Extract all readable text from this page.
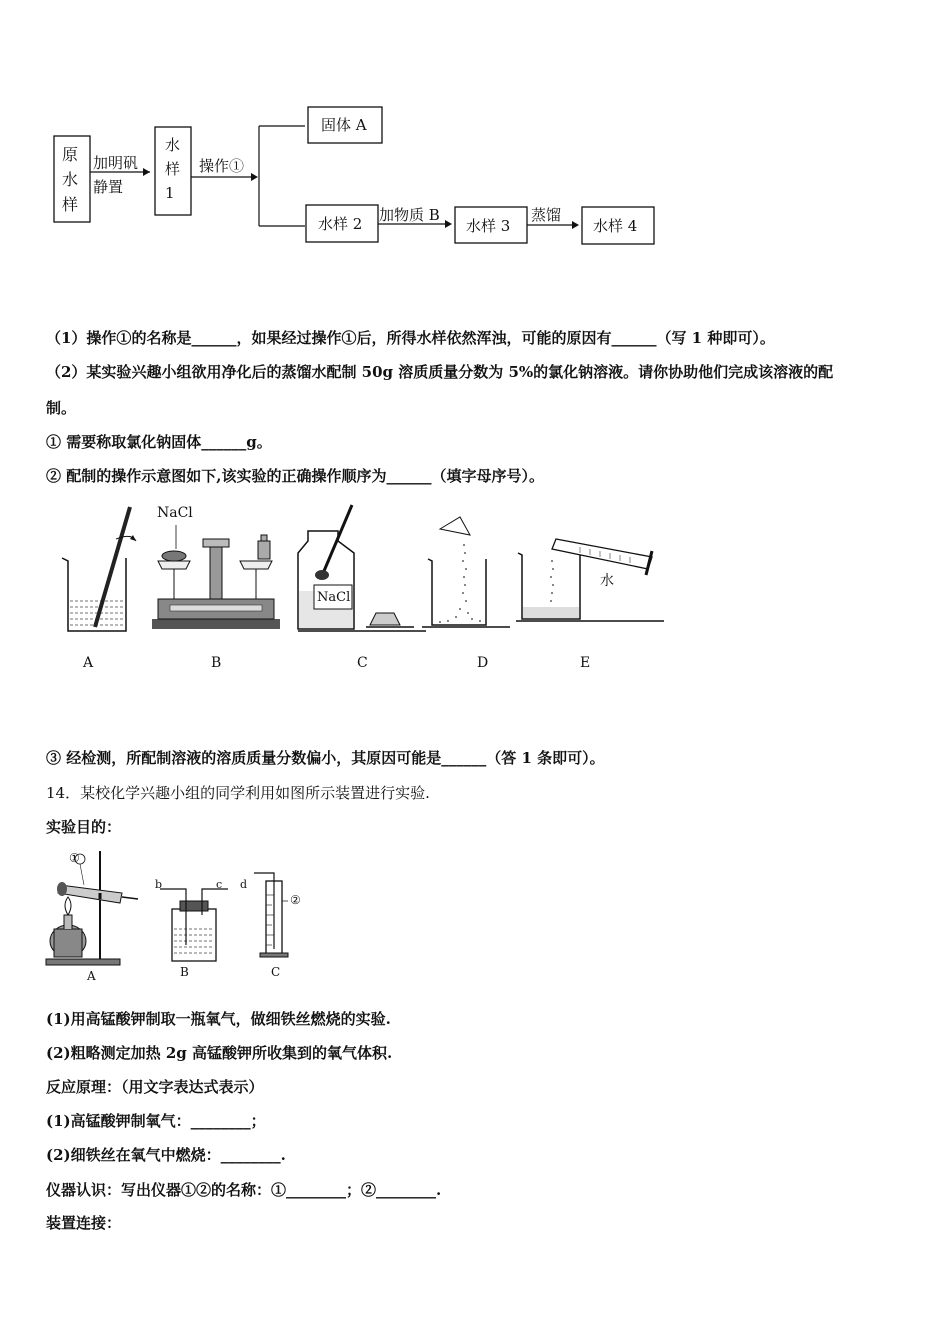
原
水
样
加明矾
静置
水
样
1
操作①
固体 A
水样 2 加物质 B
水样 3
蒸馏
水样 4
（1）操作①的名称是______，如果经过操作①后，所得水样依然浑浊，可能的原因有______（写 1 种即可）。
（2）某实验兴趣小组欲用净化后的蒸馏水配制 50g 溶质质量分数为 5%的氯化钠溶液。请你协助他们完成该溶液的配
制。
① 需要称取氯化钠固体______g。
② 配制的操作示意图如下,该实验的正确操作顺序为______（填字母序号）。
NaCl
NaCl
水
A	B	C	D	E
③ 经检测，所配制溶液的溶质质量分数偏小，其原因可能是______（答 1 条即可）。
14．某校化学兴趣小组的同学利用如图所示装置进行实验.
实验目的：
①
②
b	c d
A	B	C
(1)用高锰酸钾制取一瓶氧气，做细铁丝燃烧的实验.
(2)粗略测定加热 2g 高锰酸钾所收集到的氧气体积.
反应原理：（用文字表达式表示）
(1)高锰酸钾制氧气：________；
(2)细铁丝在氧气中燃烧：________.
仪器认识：写出仪器①②的名称：①________；②________.
装置连接：
